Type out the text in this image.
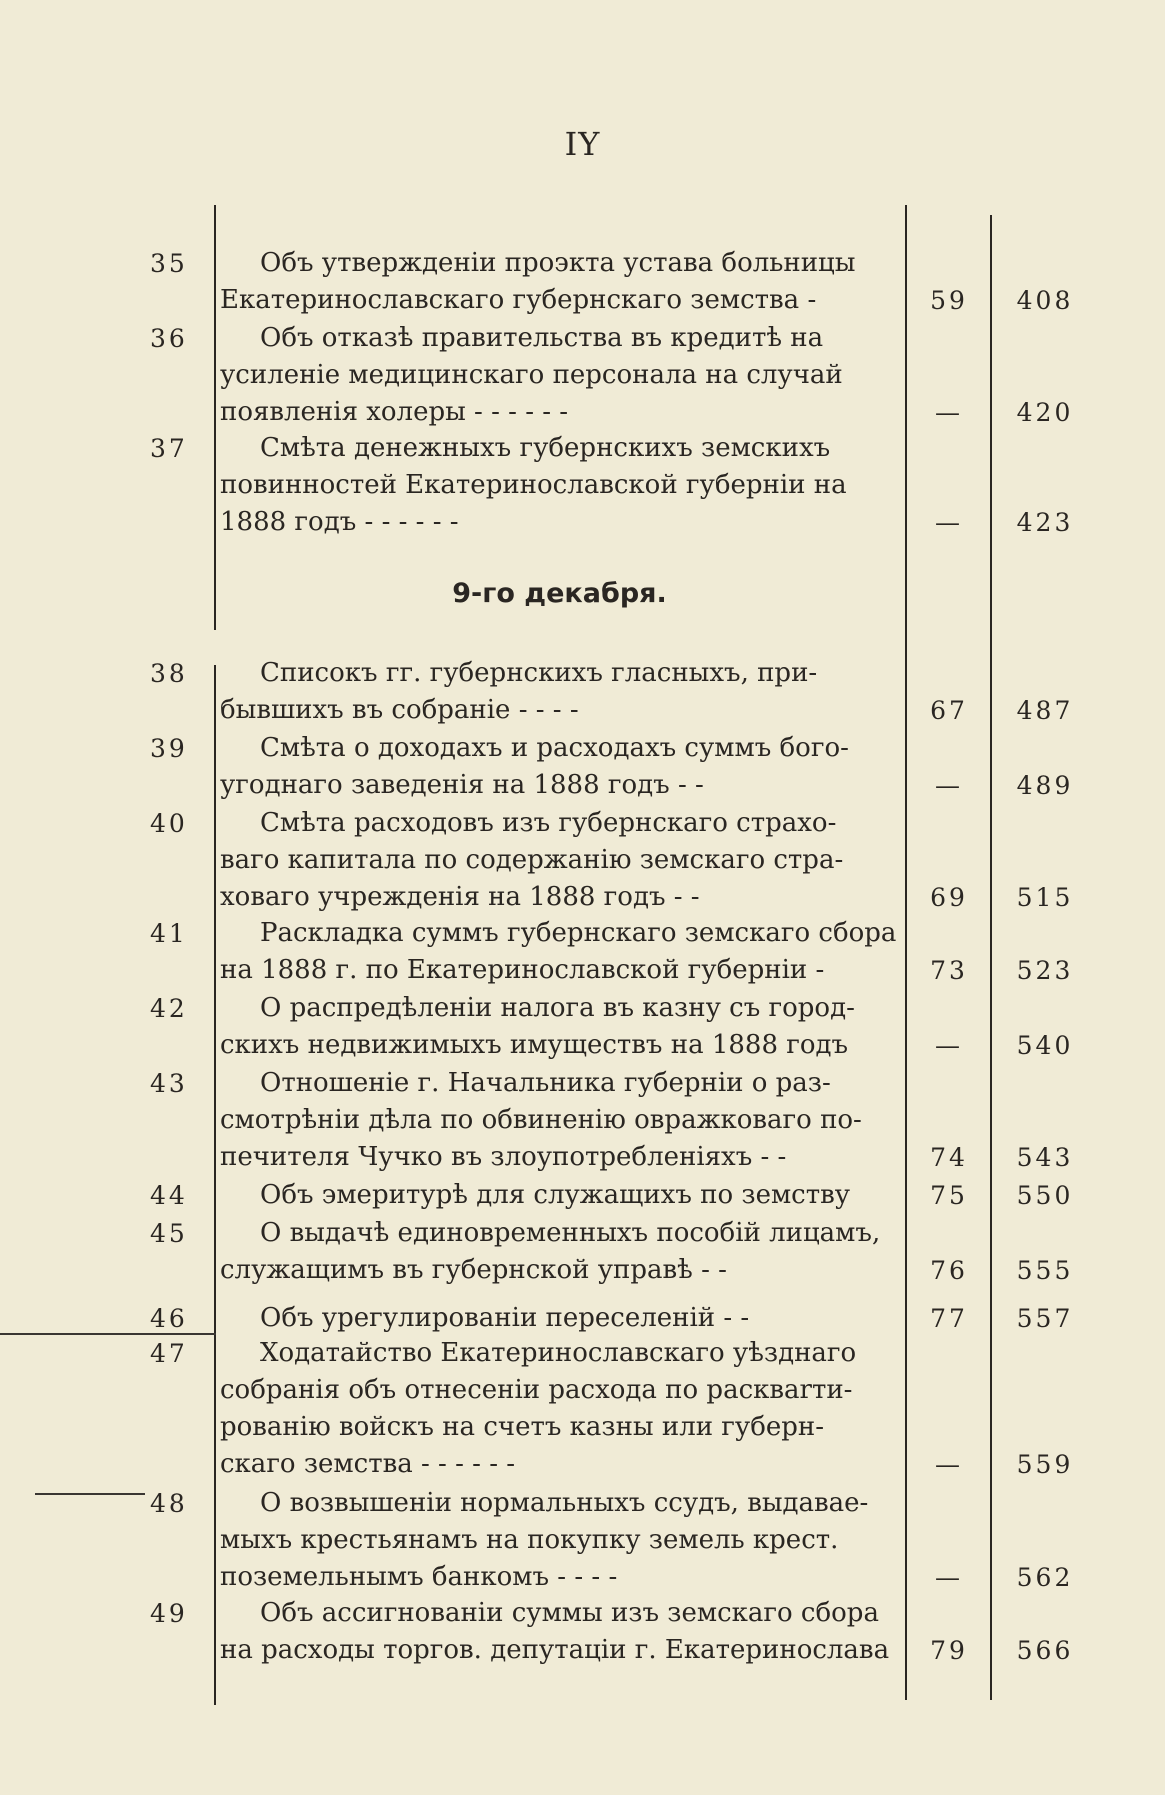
IY
9-го декабря.
35	Объ утвержденіи проэкта устава больницы
Екатеринославскаго губернскаго земства -	59	408
36	Объ отказѣ правительства въ кредитѣ на
усиленіе медицинскаго персонала на случай
появленія холеры - - - - - -	—	420
37	Смѣта денежныхъ губернскихъ земскихъ
повинностей Екатеринославской губерніи на
1888 годъ - - - - - -	—	423
38	Списокъ гг. губернскихъ гласныхъ, при-
бывшихъ въ собраніе - - - -	67	487
39	Смѣта о доходахъ и расходахъ суммъ бого-
угоднаго заведенія на 1888 годъ - -	—	489
40	Смѣта расходовъ изъ губернскаго страхо-
ваго капитала по содержанію земскаго стра-
ховаго учрежденія на 1888 годъ - -	69	515
41	Раскладка суммъ губернскаго земскаго сбора
на 1888 г. по Екатеринославской губерніи -	73	523
42	О распредѣленіи налога въ казну съ город-
скихъ недвижимыхъ имуществъ на 1888 годъ	—	540
43	Отношеніе г. Начальника губерніи о раз-
смотрѣніи дѣла по обвиненію овражковаго по-
печителя Чучко въ злоупотребленіяхъ - -	74	543
44	Объ эмеритурѣ для служащихъ по земству	75	550
45	О выдачѣ единовременныхъ пособій лицамъ,
служащимъ въ губернской управѣ - -	76	555
46	Объ урегулированіи переселеній - -	77	557
47	Ходатайство Екатеринославскаго уѣзднаго
собранія объ отнесеніи расхода по расквarти-
рованію войскъ на счетъ казны или губерн-
скаго земства - - - - - -	—	559
48	О возвышеніи нормальныхъ ссудъ, выдавае-
мыхъ крестьянамъ на покупку земель крест.
поземельнымъ банкомъ - - - -	—	562
49	Объ ассигнованіи суммы изъ земскаго сбора
на расходы торгов. депутаціи г. Екатеринослава	79	566
